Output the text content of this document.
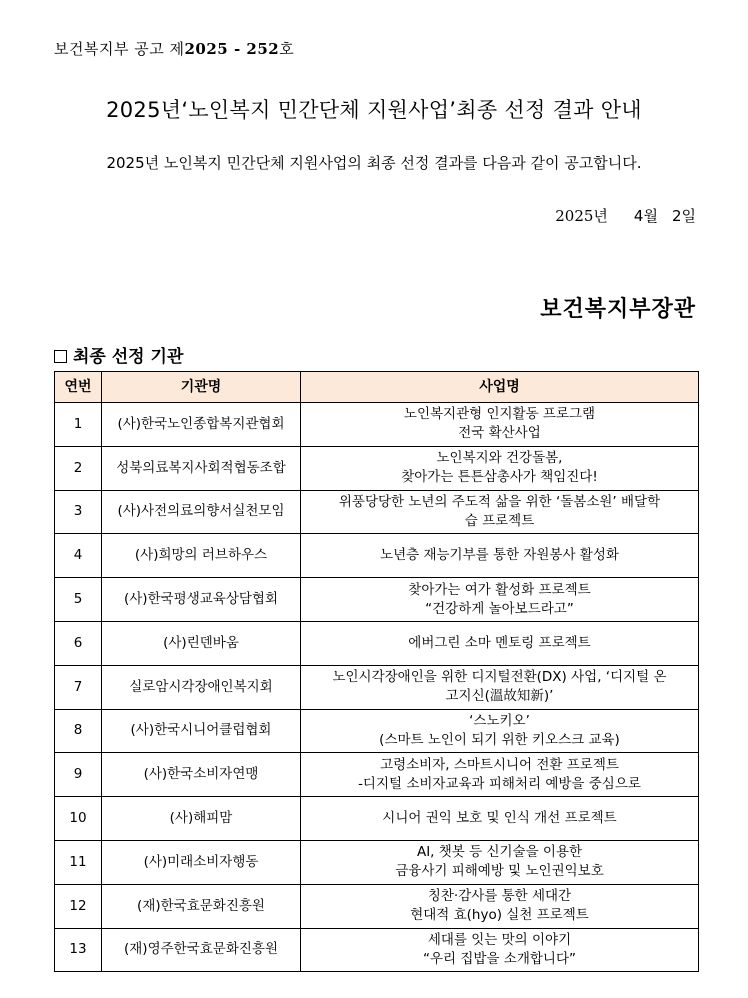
보건복지부 공고 제2025 - 252호
2025년‘노인복지 민간단체 지원사업’최종 선정 결과 안내
2025년 노인복지 민간단체 지원사업의 최종 선정 결과를 다음과 같이 공고합니다.
2025년 4월 2일
보건복지부장관
최종 선정 기관
연번	기관명	사업명
1	(사)한국노인종합복지관협회	노인복지관형 인지활동 프로그램
전국 확산사업

2	성북의료복지사회적협동조합	노인복지와 건강돌봄,
찾아가는 튼튼삼총사가 책임진다!

3	(사)사전의료의향서실천모임	위풍당당한 노년의 주도적 삶을 위한 ‘돌봄소원’ 배달학
습 프로젝트

4	(사)희망의 러브하우스	노년층 재능기부를 통한 자원봉사 활성화

5	(사)한국평생교육상담협회	찾아가는 여가 활성화 프로젝트
“건강하게 놀아보드라고”

6	(사)린덴바움	에버그린 소마 멘토링 프로젝트

7	실로암시각장애인복지회	노인시각장애인을 위한 디지털전환(DX) 사업, ‘디지털 온
고지신(溫故知新)’

8	(사)한국시니어클럽협회	‘스노키오’
(스마트 노인이 되기 위한 키오스크 교육)

9	(사)한국소비자연맹	고령소비자, 스마트시니어 전환 프로젝트
-디지털 소비자교육과 피해처리 예방을 중심으로

10	(사)해피맘	시니어 권익 보호 및 인식 개선 프로젝트

11	(사)미래소비자행동	AI, 챗봇 등 신기술을 이용한
금융사기 피해예방 및 노인권익보호

12	(재)한국효문화진흥원	칭찬·감사를 통한 세대간
현대적 효(hyo) 실천 프로젝트

13	(재)영주한국효문화진흥원	세대를 잇는 맛의 이야기
“우리 집밥을 소개합니다”
